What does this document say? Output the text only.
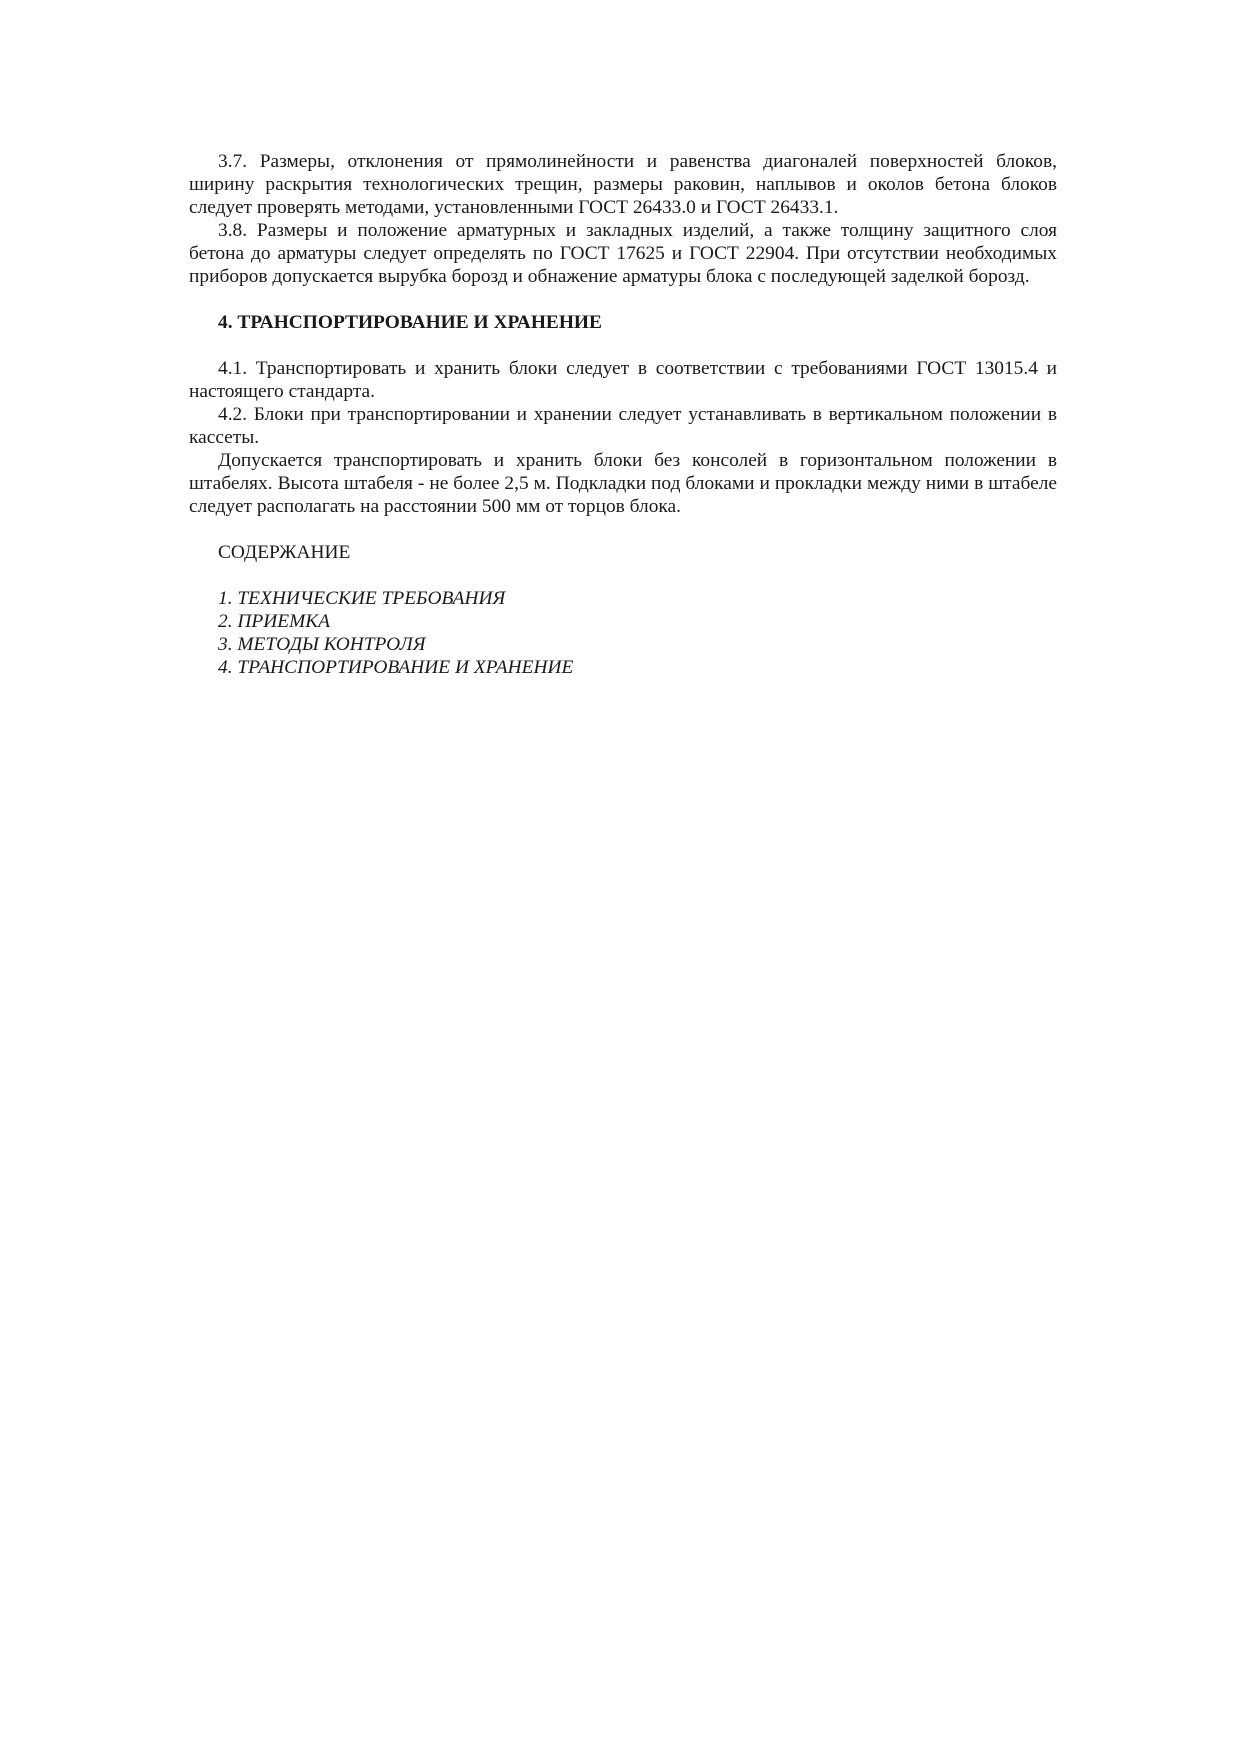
3.7. Размеры, отклонения от прямолинейности и равенства диагоналей поверхностей блоков, ширину раскрытия технологических трещин, размеры раковин, наплывов и околов бетона блоков следует проверять методами, установленными ГОСТ 26433.0 и ГОСТ 26433.1.

3.8. Размеры и положение арматурных и закладных изделий, а также толщину защитного слоя бетона до арматуры следует определять по ГОСТ 17625 и ГОСТ 22904. При отсутствии необходимых приборов допускается вырубка борозд и обнажение арматуры блока с последующей заделкой борозд.

4. ТРАНСПОРТИРОВАНИЕ И ХРАНЕНИЕ

4.1. Транспортировать и хранить блоки следует в соответствии с требованиями ГОСТ 13015.4 и настоящего стандарта.

4.2. Блоки при транспортировании и хранении следует устанавливать в вертикальном положении в кассеты.

Допускается транспортировать и хранить блоки без консолей в горизонтальном положении в штабелях. Высота штабеля - не более 2,5 м. Подкладки под блоками и прокладки между ними в штабеле следует располагать на расстоянии 500 мм от торцов блока.

СОДЕРЖАНИЕ

1. ТЕХНИЧЕСКИЕ ТРЕБОВАНИЯ
2. ПРИЕМКА
3. МЕТОДЫ КОНТРОЛЯ
4. ТРАНСПОРТИРОВАНИЕ И ХРАНЕНИЕ
